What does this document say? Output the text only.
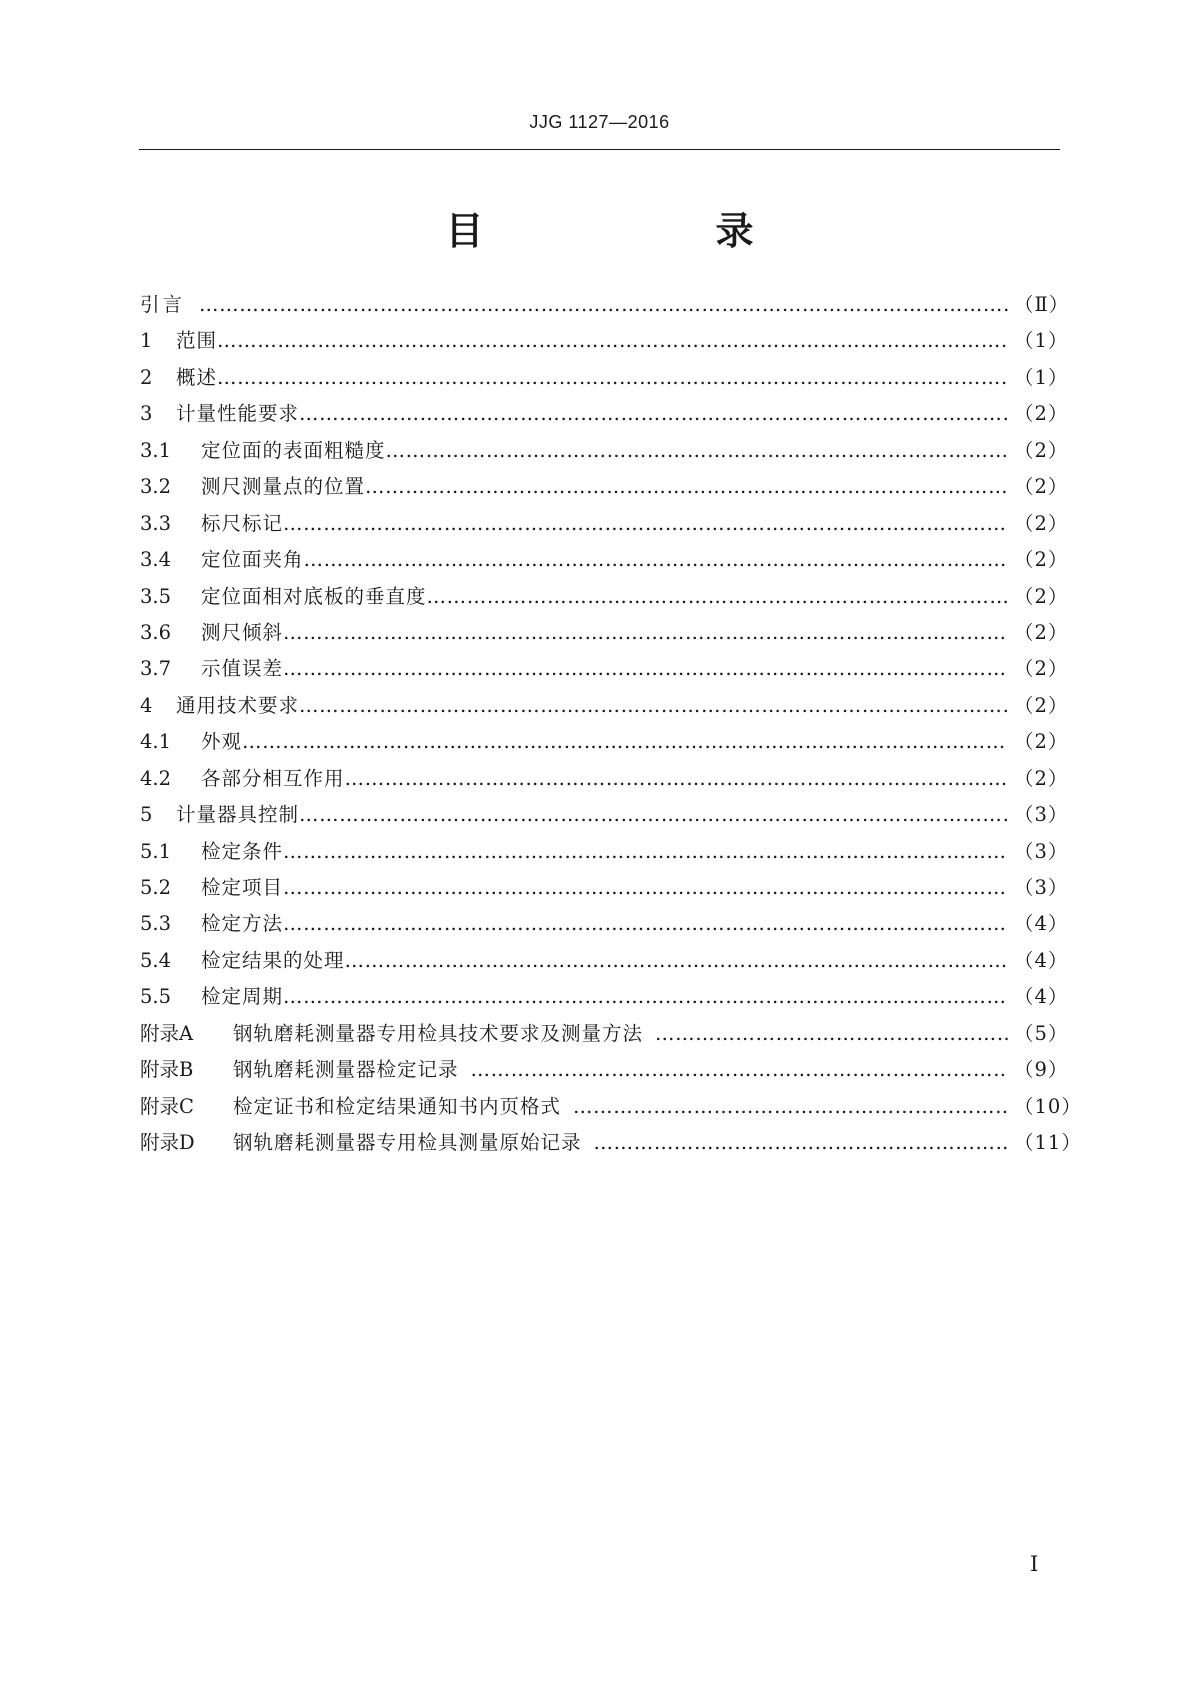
JJG 1127—2016
目　　录
引言 ………………………………………………………………………………………………………………………………………………………………………………	（Ⅱ）
1	范围 ………………………………………………………………………………………………………………………………………………………………………………	（1）
2	概述 ………………………………………………………………………………………………………………………………………………………………………………	（1）
3	计量性能要求 ………………………………………………………………………………………………………………………………………………………………………………	（2）
3.1	定位面的表面粗糙度 ………………………………………………………………………………………………………………………………………………………………………………	（2）
3.2	测尺测量点的位置 ………………………………………………………………………………………………………………………………………………………………………………	（2）
3.3	标尺标记 ………………………………………………………………………………………………………………………………………………………………………………	（2）
3.4	定位面夹角 ………………………………………………………………………………………………………………………………………………………………………………	（2）
3.5	定位面相对底板的垂直度 ………………………………………………………………………………………………………………………………………………………………………………	（2）
3.6	测尺倾斜 ………………………………………………………………………………………………………………………………………………………………………………	（2）
3.7	示值误差 ………………………………………………………………………………………………………………………………………………………………………………	（2）
4	通用技术要求 ………………………………………………………………………………………………………………………………………………………………………………	（2）
4.1	外观 ………………………………………………………………………………………………………………………………………………………………………………	（2）
4.2	各部分相互作用 ………………………………………………………………………………………………………………………………………………………………………………	（2）
5	计量器具控制 ………………………………………………………………………………………………………………………………………………………………………………	（3）
5.1	检定条件 ………………………………………………………………………………………………………………………………………………………………………………	（3）
5.2	检定项目 ………………………………………………………………………………………………………………………………………………………………………………	（3）
5.3	检定方法 ………………………………………………………………………………………………………………………………………………………………………………	（4）
5.4	检定结果的处理 ………………………………………………………………………………………………………………………………………………………………………………	（4）
5.5	检定周期 ………………………………………………………………………………………………………………………………………………………………………………	（4）
附录A	钢轨磨耗测量器专用检具技术要求及测量方法 ………………………………………………………………………………………………………………………………………………………………………………	（5）
附录B	钢轨磨耗测量器检定记录 ………………………………………………………………………………………………………………………………………………………………………………	（9）
附录C	检定证书和检定结果通知书内页格式 ………………………………………………………………………………………………………………………………………………………………………………	（10）
附录D	钢轨磨耗测量器专用检具测量原始记录 ………………………………………………………………………………………………………………………………………………………………………………	（11）
Ⅰ
